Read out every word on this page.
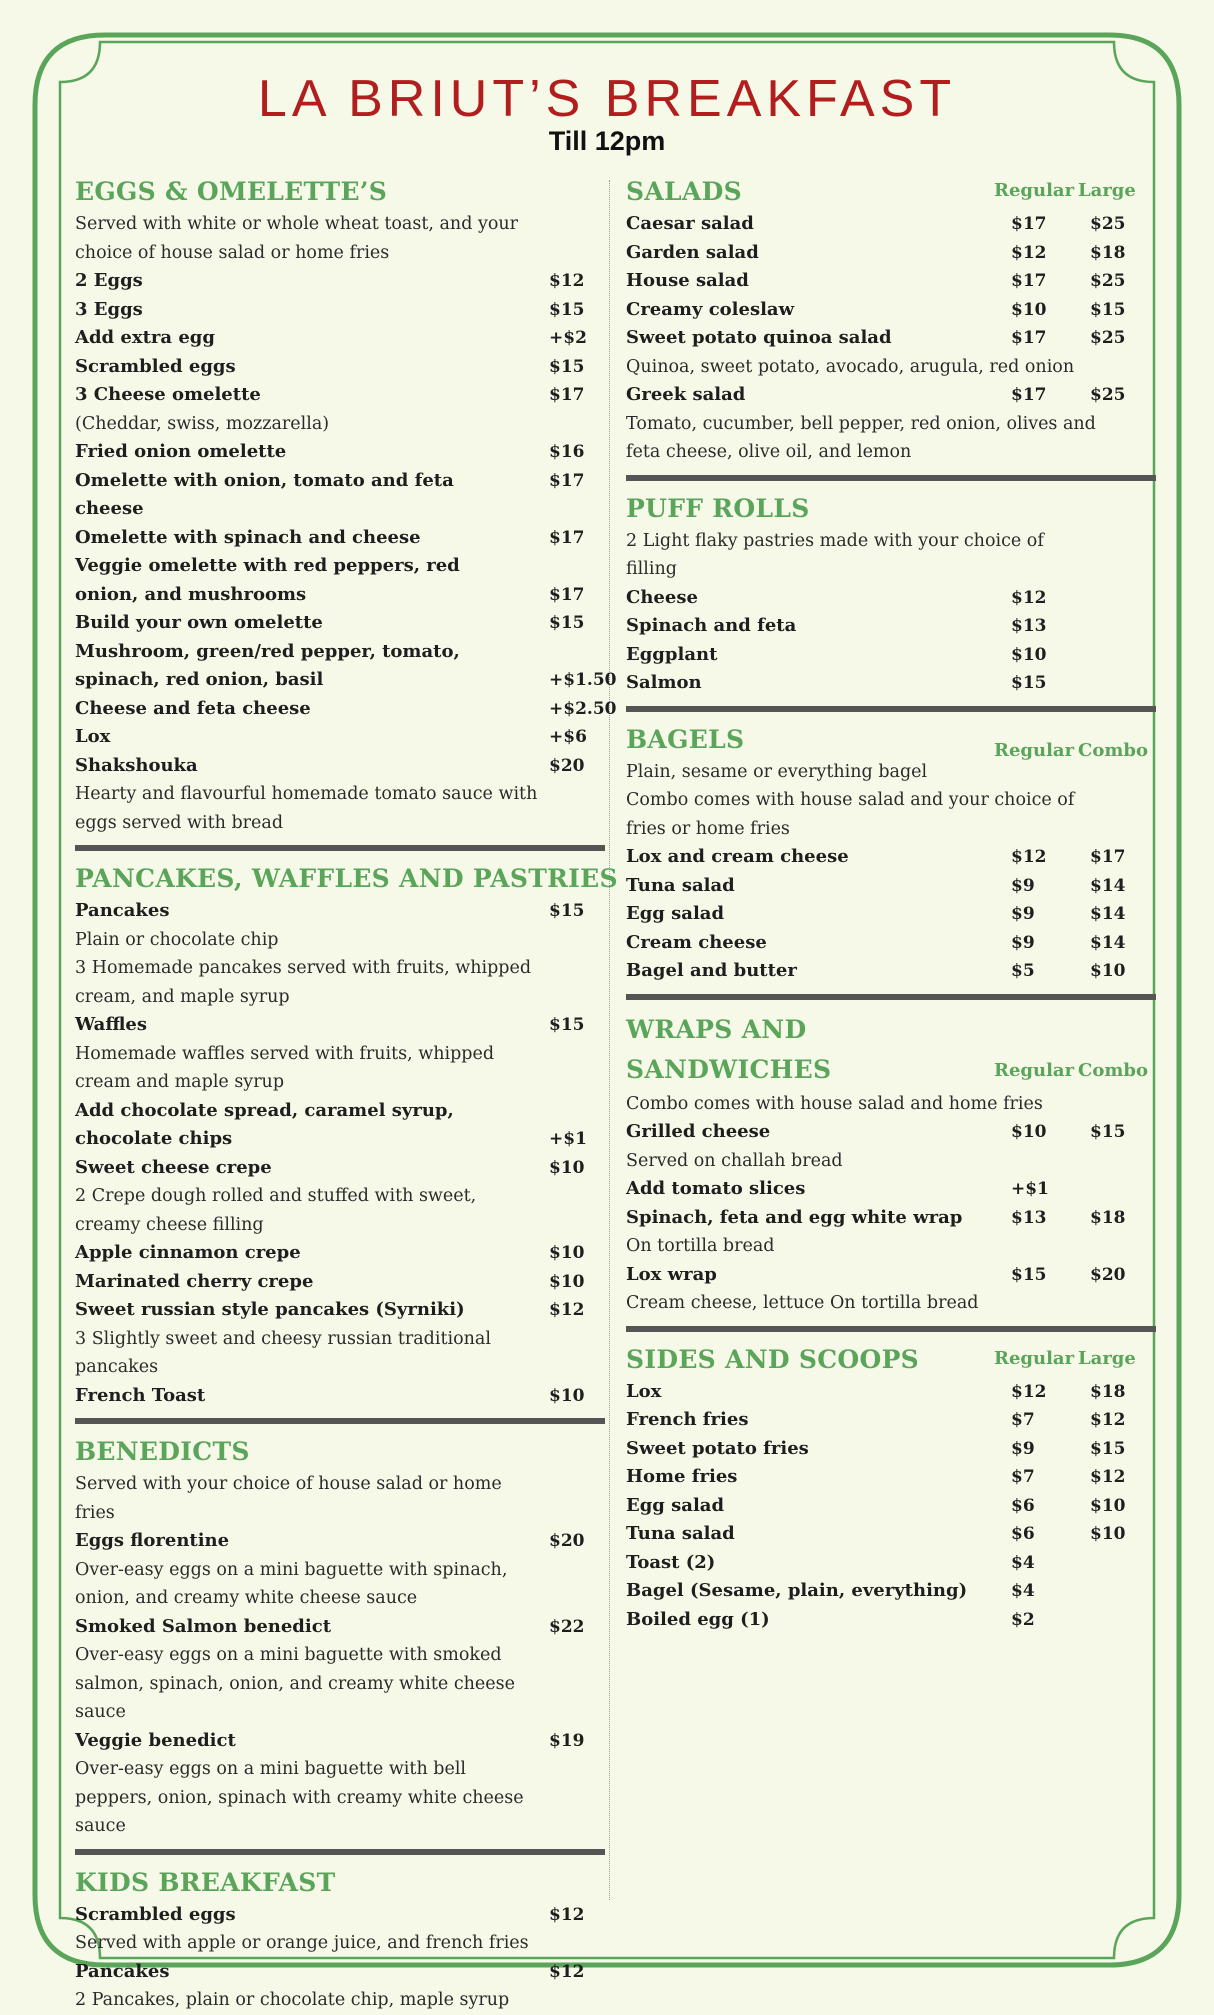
LA BRIUT’S BREAKFAST
Till 12pm
EGGS & OMELETTE’S
Served with white or whole wheat toast, and your choice of house salad or home fries
2 Eggs	$12
3 Eggs	$15
Add extra egg	+$2
Scrambled eggs	$15
3 Cheese omelette	$17
(Cheddar, swiss, mozzarella)
Fried onion omelette	$16
Omelette with onion, tomato and feta cheese
$17
Omelette with spinach and cheese	$17
Veggie omelette with red peppers, red onion, and mushrooms	$17
Build your own omelette	$15
Mushroom, green/red pepper, tomato, spinach, red onion, basil	+$1.50
Cheese and feta cheese	+$2.50
Lox	+$6
Shakshouka	$20
Hearty and flavourful homemade tomato sauce with eggs served with bread
PANCAKES, WAFFLES AND PASTRIES
Pancakes	$15
Plain or chocolate chip
3 Homemade pancakes served with fruits, whipped cream, and maple syrup
Waffles	$15
Homemade waffles served with fruits, whipped cream and maple syrup
Add chocolate spread, caramel syrup, chocolate chips	+$1
Sweet cheese crepe	$10
2 Crepe dough rolled and stuffed with sweet, creamy cheese filling
Apple cinnamon crepe	$10
Marinated cherry crepe	$10
Sweet russian style pancakes (Syrniki)	$12
3 Slightly sweet and cheesy russian traditional pancakes
French Toast	$10
BENEDICTS
Served with your choice of house salad or home fries
Eggs florentine	$20
Over-easy eggs on a mini baguette with spinach, onion, and creamy white cheese sauce
Smoked Salmon benedict	$22
Over-easy eggs on a mini baguette with smoked salmon, spinach, onion, and creamy white cheese sauce
Veggie benedict	$19
Over-easy eggs on a mini baguette with bell peppers, onion, spinach with creamy white cheese sauce
KIDS BREAKFAST
Scrambled eggs	$12
Served with apple or orange juice, and french fries
Pancakes	$12
2 Pancakes, plain or chocolate chip, maple syrup
SALADS	Regular Large
Caesar salad	$17	$25
Garden salad	$12	$18
House salad	$17	$25
Creamy coleslaw	$10	$15
Sweet potato quinoa salad	$17	$25
Quinoa, sweet potato, avocado, arugula, red onion
Greek salad	$17	$25
Tomato, cucumber, bell pepper, red onion, olives and feta cheese, olive oil, and lemon
PUFF ROLLS
2 Light flaky pastries made with your choice of filling
Cheese	$12
Spinach and feta	$13
Eggplant	$10
Salmon	$15
BAGELS	Regular Combo
Plain, sesame or everything bagel
Combo comes with house salad and your choice of fries or home fries
Lox and cream cheese	$12	$17
Tuna salad	$9	$14
Egg salad	$9	$14
Cream cheese	$9	$14
Bagel and butter	$5	$10
WRAPS AND SANDWICHES	Regular Combo
Combo comes with house salad and home fries
Grilled cheese	$10	$15
Served on challah bread
Add tomato slices	+$1
Spinach, feta and egg white wrap	$13	$18
On tortilla bread
Lox wrap	$15	$20
Cream cheese, lettuce On tortilla bread
SIDES AND SCOOPS	Regular Large
Lox	$12	$18
French fries	$7	$12
Sweet potato fries	$9	$15
Home fries	$7	$12
Egg salad	$6	$10
Tuna salad	$6	$10
Toast (2)	$4
Bagel (Sesame, plain, everything)	$4
Boiled egg (1)	$2
